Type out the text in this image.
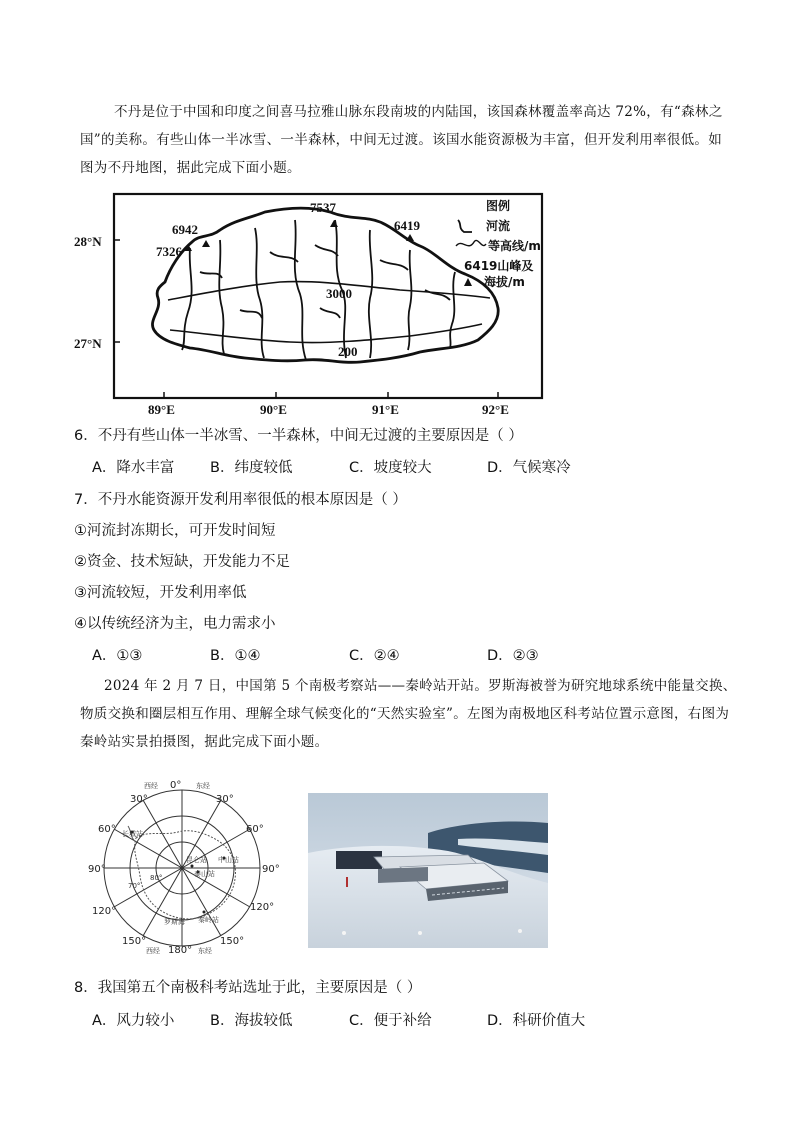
不丹是位于中国和印度之间喜马拉雅山脉东段南坡的内陆国，该国森林覆盖率高达 72%，有“森林之
国”的美称。有些山体一半冰雪、一半森林，中间无过渡。该国水能资源极为丰富，但开发利用率很低。如
图为不丹地图，据此完成下面小题。
28°N
27°N
89°E	90°E	91°E	92°E
7537
6942
7326
6419
3000
200
图例
河流
等高线/m
6419山峰及
海拔/m
6．不丹有些山体一半冰雪、一半森林，中间无过渡的主要原因是（ ）
A．降水丰富 B．纬度较低	C．坡度较大	D．气候寒冷
7．不丹水能资源开发利用率很低的根本原因是（ ）
①河流封冻期长，可开发时间短
②资金、技术短缺，开发能力不足
③河流较短，开发利用率低
④以传统经济为主，电力需求小
A．①③	B．①④	C．②④	D．②③
2024 年 2 月 7 日，中国第 5 个南极考察站——秦岭站开站。罗斯海被誉为研究地球系统中能量交换、
物质交换和圈层相互作用、理解全球气候变化的“天然实验室”。左图为南极地区科考站位置示意图，右图为
秦岭站实景拍摄图，据此完成下面小题。
0°
西经	东经
180°
西经	东经
30°	30°
60°	60°
90°	90°
120°	120°
150°	150°
70°
80°
长城站
昆仑站 中山站
泰山站
罗斯海 秦岭站
8．我国第五个南极科考站选址于此，主要原因是（ ）
A．风力较小 B．海拔较低	C．便于补给	D．科研价值大
